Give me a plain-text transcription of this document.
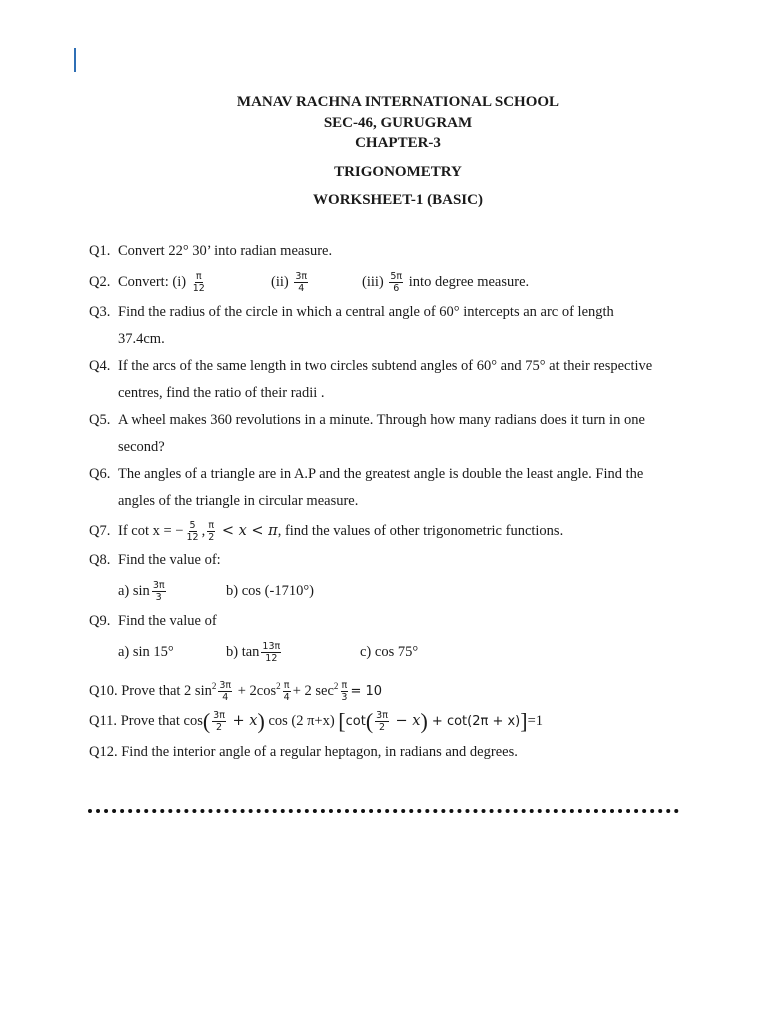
MANAV RACHNA INTERNATIONAL SCHOOL
SEC-46, GURUGRAM
CHAPTER-3
TRIGONOMETRY
WORKSHEET-1 (BASIC)
Q1. Convert 22° 30’ into radian measure.
Q2. Convert: $(i) \frac{\pi}{12}$	$(ii) \frac{3\pi}{4}$	$(iii) \frac{5\pi}{6}$ into degree measure.
Q3. Find the radius of the circle in which a central angle of 60° intercepts an arc of length
37.4cm.
Q4. If the arcs of the same length in two circles subtend angles of 60° and 75° at their respective
centres, find the ratio of their radii .
Q5. A wheel makes 360 revolutions in a minute. Through how many radians does it turn in one
second?
Q6. The angles of a triangle are in A.P and the greatest angle is double the least angle. Find the
angles of the triangle in circular measure.
Q7. If cot x = − $\frac{5}{12}$ , $\frac{\pi}{2} < x < \pi$, find the values of other trigonometric functions.
Q8. Find the value of:
a) $\sin \frac{3\pi}{3}$	b) cos (-1710°)
Q9. Find the value of
a) sin 15°	b) $\tan \frac{13\pi}{12}$	c) cos 75°
Q10. Prove that 2 $\sin^2 \frac{3\pi}{4} + 2\cos^2 \frac{\pi}{4} + 2$ $\sec^2 \frac{\pi}{3} = 10$
Q11. Prove that $\cos( \frac{3\pi}{2} + x)$ cos (2 π+x) $[\cot( \frac{3\pi}{2} - x) + \cot(2\pi + x)]=1$
Q12. Find the interior angle of a regular heptagon, in radians and degrees.
